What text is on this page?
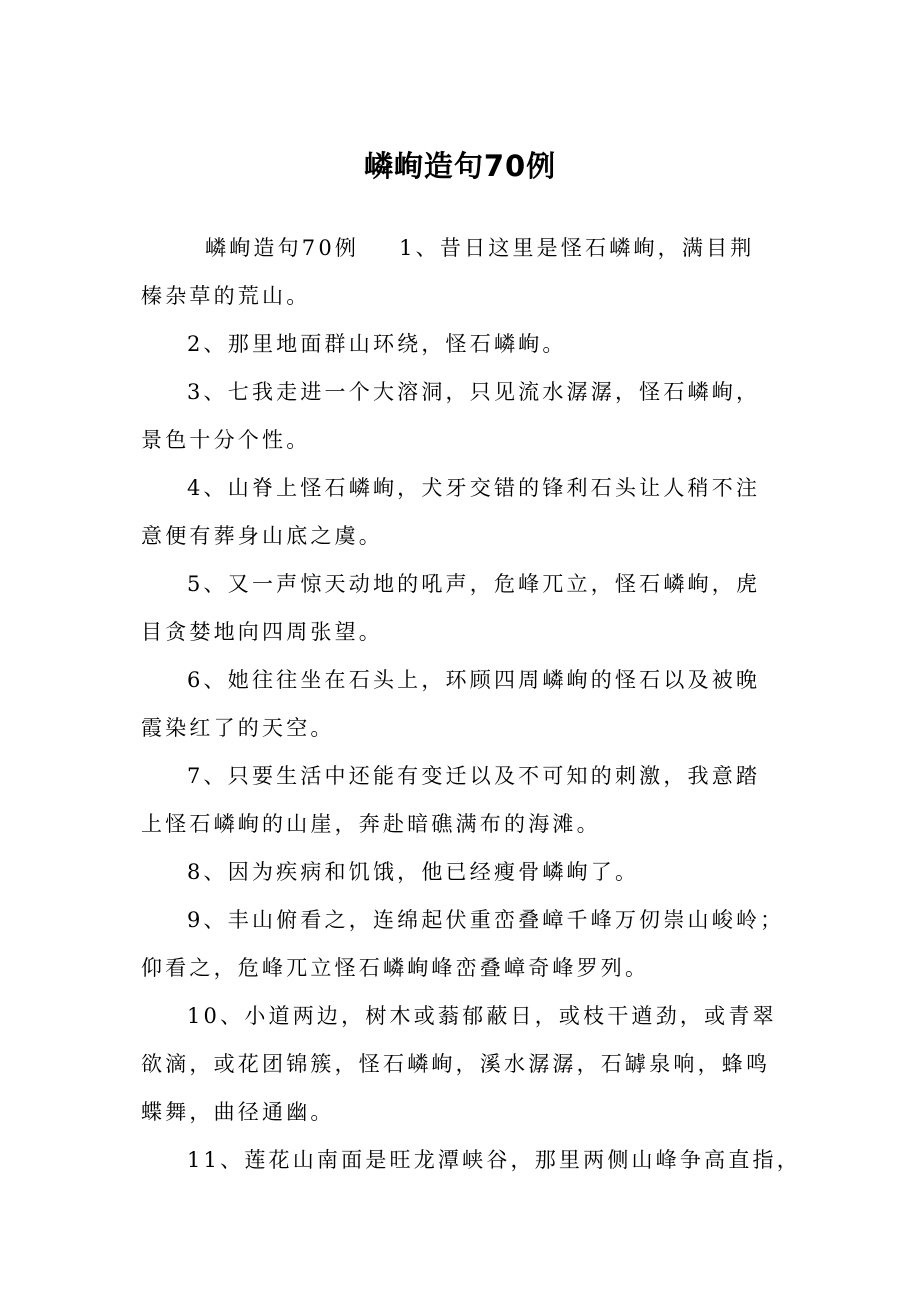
嶙峋造句70例
嶙峋造句70例 1、昔日这里是怪石嶙峋，满目荆
榛杂草的荒山。
2、那里地面群山环绕，怪石嶙峋。
3、七我走进一个大溶洞，只见流水潺潺，怪石嶙峋，
景色十分个性。
4、山脊上怪石嶙峋，犬牙交错的锋利石头让人稍不注
意便有葬身山底之虞。
5、又一声惊天动地的吼声，危峰兀立，怪石嶙峋，虎
目贪婪地向四周张望。
6、她往往坐在石头上，环顾四周嶙峋的怪石以及被晚
霞染红了的天空。
7、只要生活中还能有变迁以及不可知的刺激，我意踏
上怪石嶙峋的山崖，奔赴暗礁满布的海滩。
8、因为疾病和饥饿，他已经瘦骨嶙峋了。
9、丰山俯看之，连绵起伏重峦叠嶂千峰万仞崇山峻岭；
仰看之，危峰兀立怪石嶙峋峰峦叠嶂奇峰罗列。
10、小道两边，树木或蓊郁蔽日，或枝干遒劲，或青翠
欲滴，或花团锦簇，怪石嶙峋，溪水潺潺，石罅泉响，蜂鸣
蝶舞，曲径通幽。
11、莲花山南面是旺龙潭峡谷，那里两侧山峰争高直指，
